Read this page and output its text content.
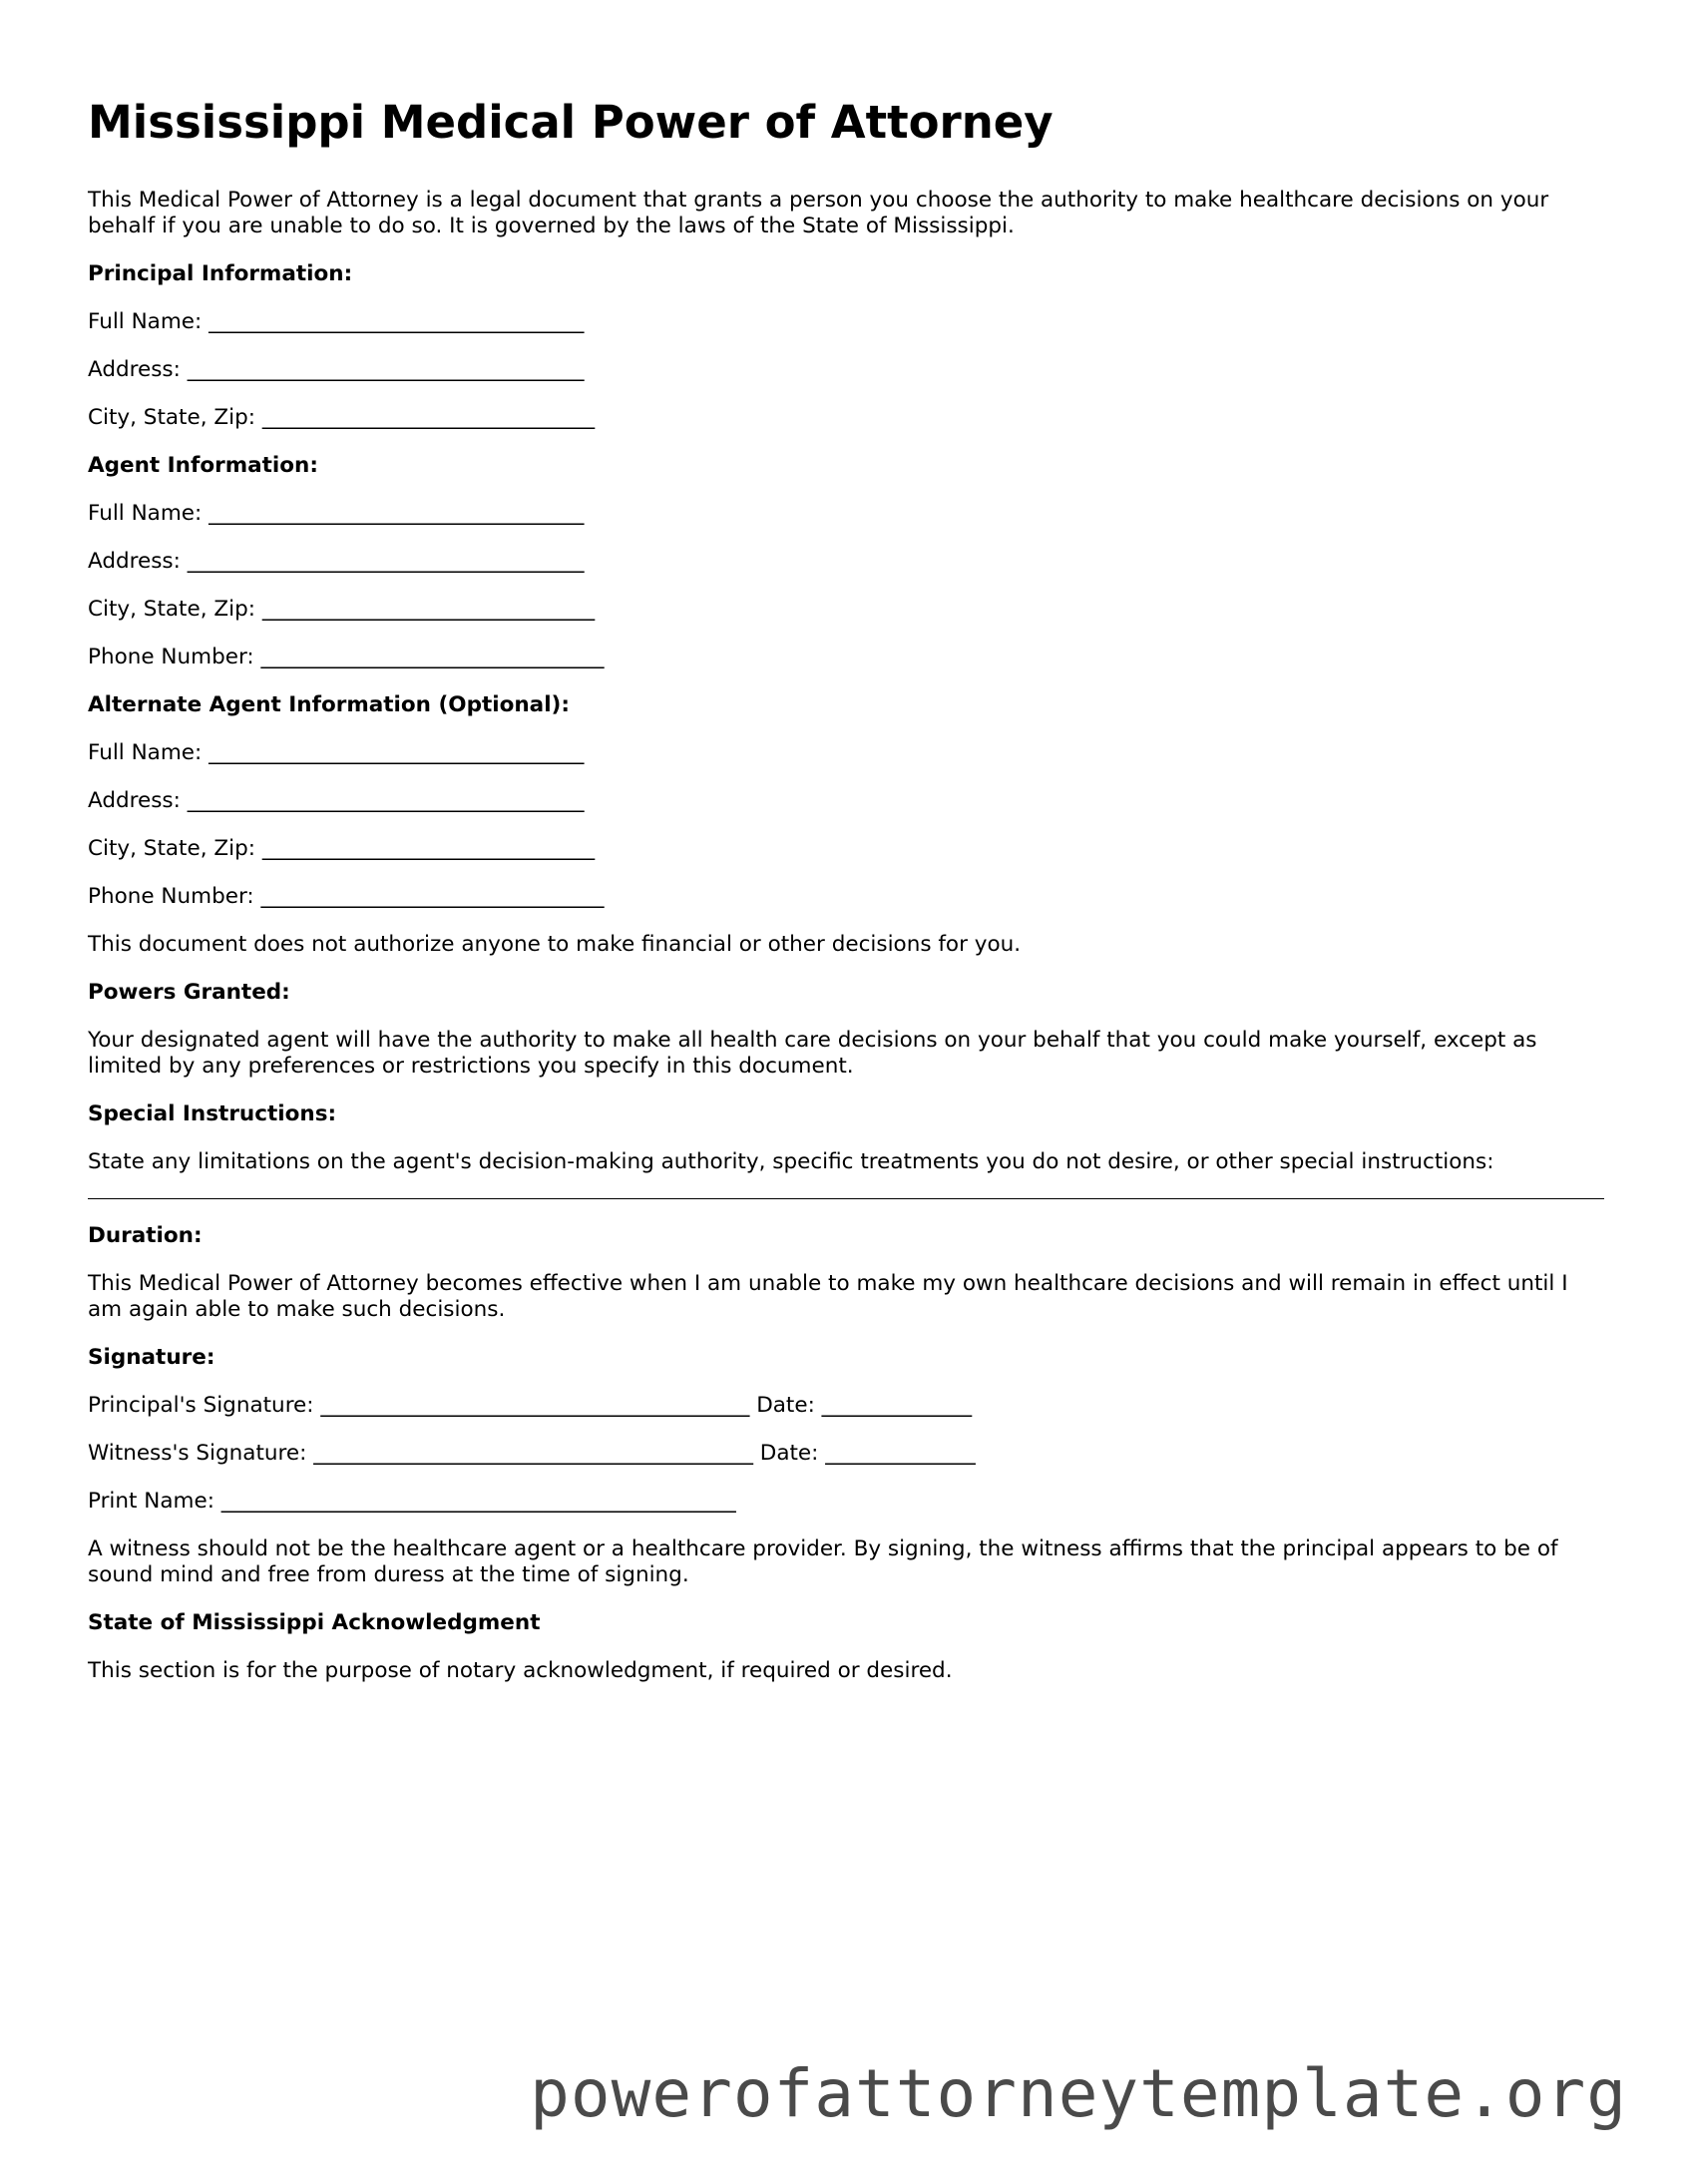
Mississippi Medical Power of Attorney

This Medical Power of Attorney is a legal document that grants a person you choose the authority to make healthcare decisions on your behalf if you are unable to do so. It is governed by the laws of the State of Mississippi.

Principal Information:

Full Name: ___________________________________

Address: _____________________________________

City, State, Zip: _______________________________

Agent Information:

Full Name: ___________________________________

Address: _____________________________________

City, State, Zip: _______________________________

Phone Number: ________________________________

Alternate Agent Information (Optional):

Full Name: ___________________________________

Address: _____________________________________

City, State, Zip: _______________________________

Phone Number: ________________________________

This document does not authorize anyone to make financial or other decisions for you.

Powers Granted:

Your designated agent will have the authority to make all health care decisions on your behalf that you could make yourself, except as limited by any preferences or restrictions you specify in this document.

Special Instructions:

State any limitations on the agent's decision-making authority, specific treatments you do not desire, or other special instructions:

Duration:

This Medical Power of Attorney becomes effective when I am unable to make my own healthcare decisions and will remain in effect until I am again able to make such decisions.

Signature:

Principal's Signature: ________________________________________ Date: ______________

Witness's Signature: _________________________________________ Date: ______________

Print Name: ________________________________________________

A witness should not be the healthcare agent or a healthcare provider. By signing, the witness affirms that the principal appears to be of sound mind and free from duress at the time of signing.

State of Mississippi Acknowledgment

This section is for the purpose of notary acknowledgment, if required or desired.

powerofattorneytemplate.org
